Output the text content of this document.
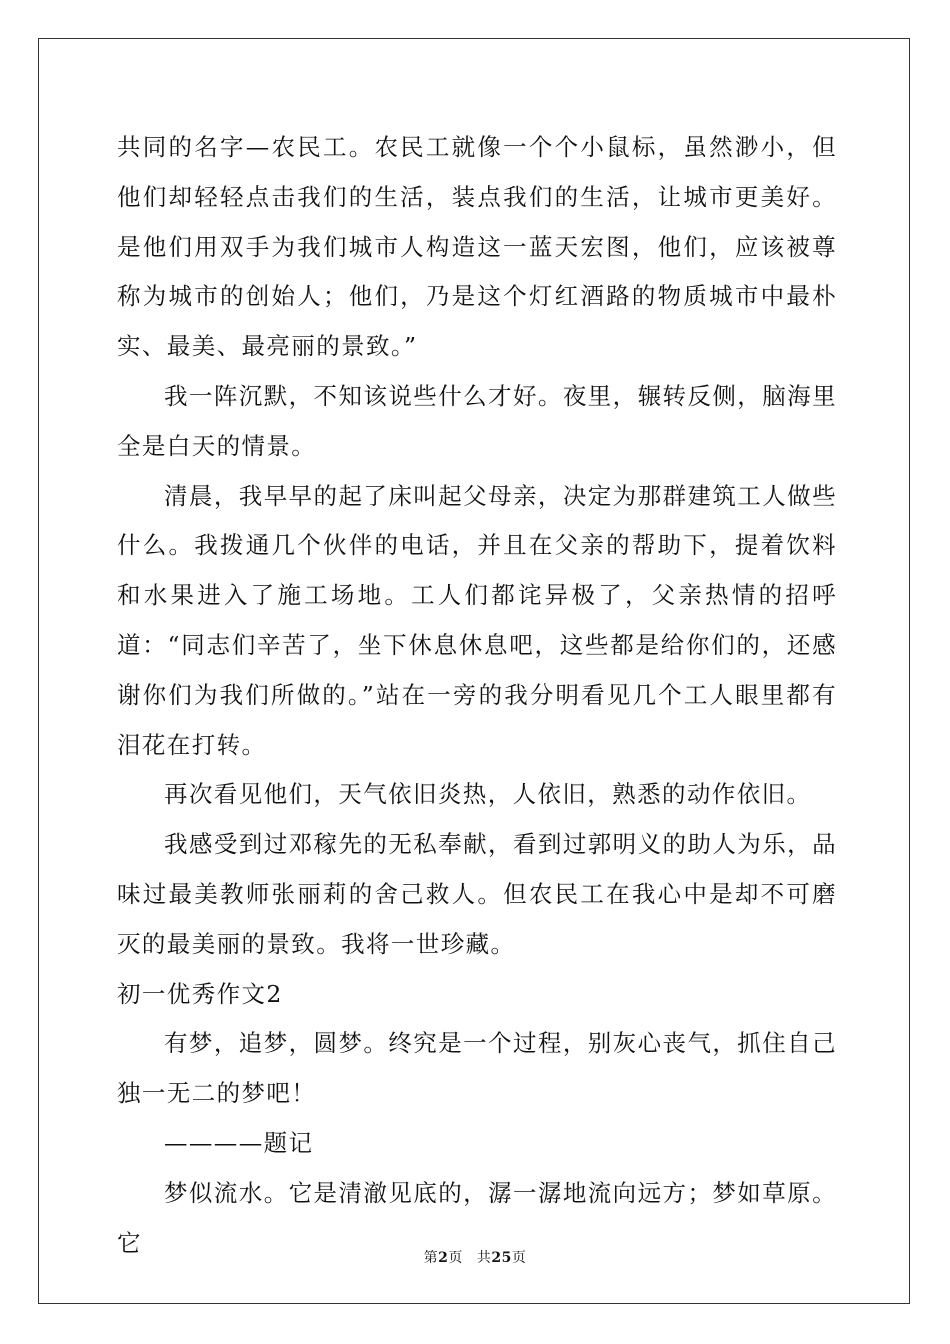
共同的名字—农民工。农民工就像一个个小鼠标，虽然渺小，但他们却轻轻点击我们的生活，装点我们的生活，让城市更美好。是他们用双手为我们城市人构造这一蓝天宏图，他们，应该被尊称为城市的创始人；他们，乃是这个灯红酒路的物质城市中最朴实、最美、最亮丽的景致。”

我一阵沉默，不知该说些什么才好。夜里，辗转反侧，脑海里全是白天的情景。

清晨，我早早的起了床叫起父母亲，决定为那群建筑工人做些什么。我拨通几个伙伴的电话，并且在父亲的帮助下，提着饮料和水果进入了施工场地。工人们都诧异极了，父亲热情的招呼道：“同志们辛苦了，坐下休息休息吧，这些都是给你们的，还感谢你们为我们所做的。”站在一旁的我分明看见几个工人眼里都有泪花在打转。

再次看见他们，天气依旧炎热，人依旧，熟悉的动作依旧。

我感受到过邓稼先的无私奉献，看到过郭明义的助人为乐，品味过最美教师张丽莉的舍己救人。但农民工在我心中是却不可磨灭的最美丽的景致。我将一世珍藏。

初一优秀作文2

有梦，追梦，圆梦。终究是一个过程，别灰心丧气，抓住自己独一无二的梦吧！

————题记

梦似流水。它是清澈见底的，潺一潺地流向远方；梦如草原。它

第2页 共25页
